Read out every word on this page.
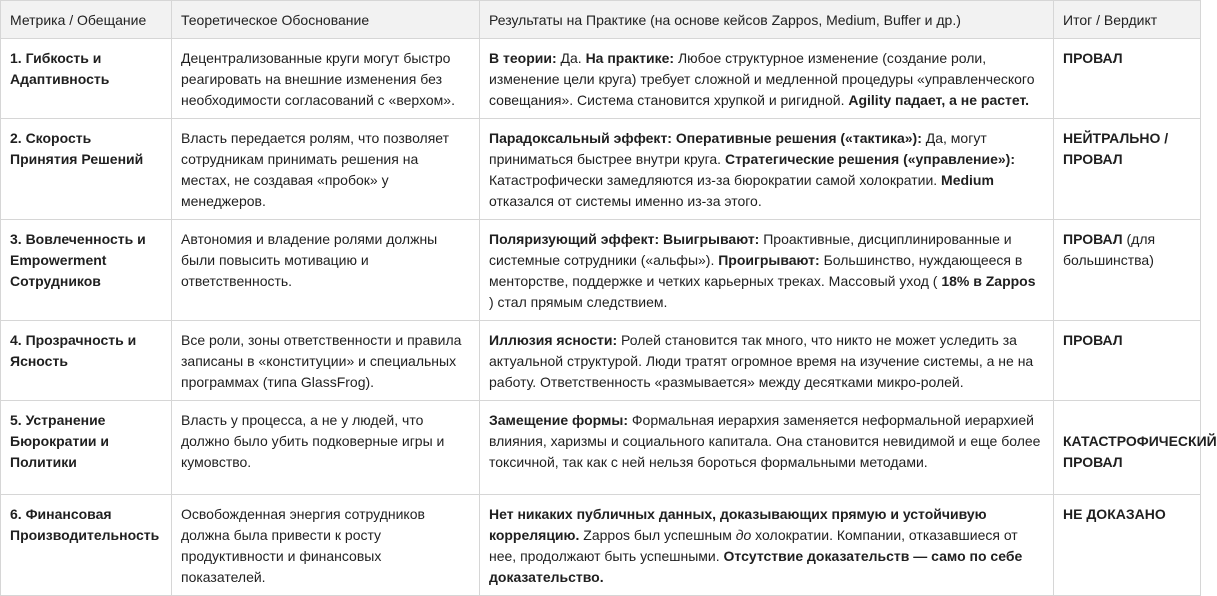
Метрика / Обещание	Теоретическое Обоснование	Результаты на Практике (на основе кейсов Zappos, Medium, Buffer и др.)	Итог / Вердикт
1. Гибкость и Адаптивность	Децентрализованные круги могут быстро реагировать на внешние изменения без необходимости согласований с «верхом».	В теории: Да. На практике: Любое структурное изменение (создание роли, изменение цели круга) требует сложной и медленной процедуры «управленческого совещания». Система становится хрупкой и ригидной. Agility падает, а не растет.	ПРОВАЛ
2. Скорость Принятия Решений	Власть передается ролям, что позволяет сотрудникам принимать решения на местах, не создавая «пробок» у менеджеров.	Парадоксальный эффект: Оперативные решения («тактика»): Да, могут приниматься быстрее внутри круга. Стратегические решения («управление»): Катастрофически замедляются из-за бюрократии самой холократии. Medium отказался от системы именно из-за этого.	НЕЙТРАЛЬНО / ПРОВАЛ
3. Вовлеченность и Empowerment Сотрудников	Автономия и владение ролями должны были повысить мотивацию и ответственность.	Поляризующий эффект: Выигрывают: Проактивные, дисциплинированные и системные сотрудники («альфы»). Проигрывают: Большинство, нуждающееся в менторстве, поддержке и четких карьерных треках. Массовый уход ( 18% в Zappos ) стал прямым следствием.	ПРОВАЛ (для большинства)
4. Прозрачность и Ясность	Все роли, зоны ответственности и правила записаны в «конституции» и специальных программах (типа GlassFrog).	Иллюзия ясности: Ролей становится так много, что никто не может уследить за актуальной структурой. Люди тратят огромное время на изучение системы, а не на работу. Ответственность «размывается» между десятками микро-ролей.	ПРОВАЛ
5. Устранение Бюрократии и Политики	Власть у процесса, а не у людей, что должно было убить подковерные игры и кумовство.	Замещение формы: Формальная иерархия заменяется неформальной иерархией влияния, харизмы и социального капитала. Она становится невидимой и еще более токсичной, так как с ней нельзя бороться формальными методами.	КАТАСТРОФИЧЕСКИЙ ПРОВАЛ
6. Финансовая Производительность	Освобожденная энергия сотрудников должна была привести к росту продуктивности и финансовых показателей.	Нет никаких публичных данных, доказывающих прямую и устойчивую корреляцию. Zappos был успешным до холократии. Компании, отказавшиеся от нее, продолжают быть успешными. Отсутствие доказательств — само по себе доказательство.	НЕ ДОКАЗАНО
